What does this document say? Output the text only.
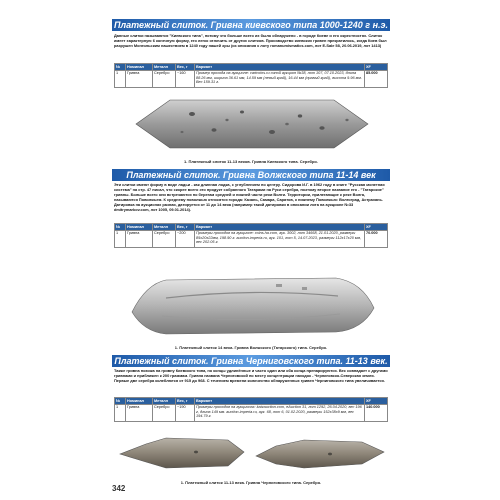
Платежный слиток. Гривна киевского типа 1000-1240 г н.э.
Данные слитки называются "Киевского типа", потому что больше всего их было обнаружено - в городе Киеве и его окрестностях. Слиток имеет характерную 6 конечную форму, его легко отличить от других слитков. Производство киевских гривен прекратилось, когда Киев был разрушен Монгольским нашествием в 1240 году нашей эры (из описания к лоту romanumismatics.com, лот E-Sale 58, 20.06.2019, лот 1413)
№	Номинал	Металл	Вес, г	Варжант	XF
1	Гривна	Серебро	~160	Пример прохода на аукционе: cartcoins.ru очной аукцион №38, лот 107, 07.10.2023, длина 88.26 мм, ширина 36.61 мм, 14.59 мм (левый край), 16.44 мм (правый край), высота 9.96 мм. Вес 159.31 г.	85.000
1. Платежный слиток 11-13 веков. Гривна Киевского типа. Серебро.
Платежный слиток. Гривна Волжского типа 11-14 век
Эти слитки имеют форму в виде ладьи - как длинная лодка, с углублением по центру. Сидорова И.Г. в 1962 году в книге "Русская монетная система" на стр. 47 писал, что скорее всего это продукт собранного Татарами на Руси серебра, поэтому второе название его - "Татарские" гривны. Больше всего они встречаются по берегам средней и нижней части реки Волги. Территории, прилегающие к реке Волга, называются Поволжьем. К среднему поволжью относятся города: Казань, Самара, Саратов, к нижнему Поволжью: Волгоград, Астрахань. Датировка на аукционах разная, датируется от 11 до 14 века (например такой датировки в описании лота на аукционе №33 dmitrymarkov.com, лот 1005, 09.01.2014).
№	Номинал	Металл	Вес, г	Варжант	XF
1	Гривна	Серебро	~200	Примеры проходов на аукционе: coins.ha.com, аук. 3002, лот 34668, 21.01.2020, размеры 85x20x22мм, 198.90 г. auction-imperia.ru, аук. 101, лот 5, 14.07.2023, размеры 112x17x20 мм, вес 202.05 г.	70.000
1. Платежный слиток 14 века. Гривна Волжского (Татарского) типа. Серебро.
Платежный слиток. Гривна Черниговского типа. 11-13 век.
Также гривна похожа на гривну Киевского типа, но концы удлинённые и часто один или оба конца препарируются. Вес совпадает с другими гривнами и приближен к 200 граммам. Гривна названа Черниговской по месту концентрации находок - Черниговско-Северская земля. Первые две серебра колеблются от 915 до 968. С течением времени количество обнаруженных гривен Черниговского типа увеличивается.
№	Номинал	Металл	Вес, г	Варжант	XF
1	Гривна	Серебро	~190	Примеры проходов на аукционах: katzauction.com, eAuction 31, лот 1292, 26.04.2020, вес 196 г, длина 149 мм. auction-imperia.ru, аук. 68, лот 6, 01.02.2020, размеры 152x38x9 мм, вес 194.79 г.	140.000
1. Платежный слиток 11-13 века. Гривна Черниговского типа. Серебро.
342
